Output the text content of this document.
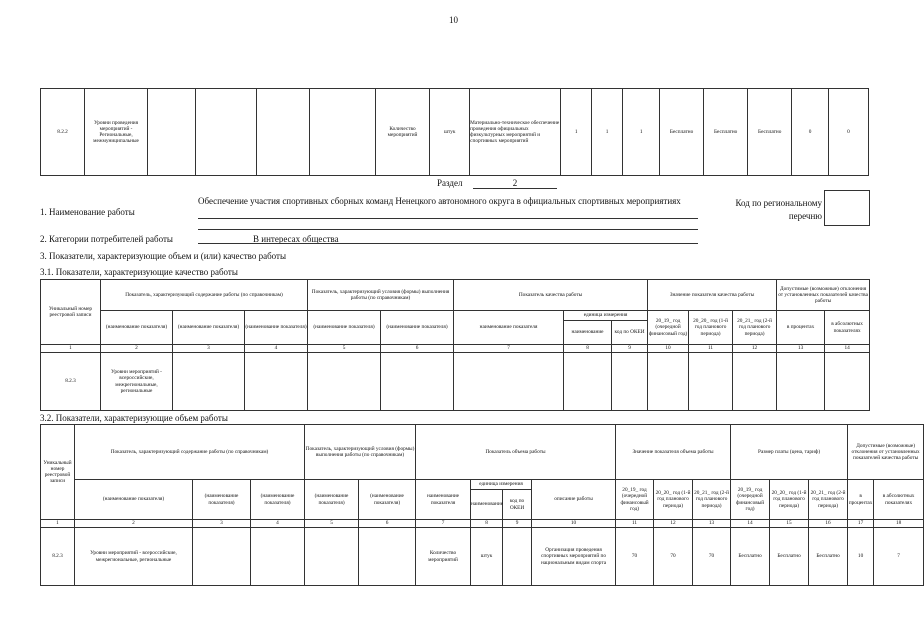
10
8.2.2	Уровни проведения мероприятий - Региональные, межмуниципальные					Количество мероприятий	штук	Материально-техническое обеспечение проведения официальных физкультурных мероприятий и спортивных мероприятий	1	1	1	Бесплатно	Бесплатно	Бесплатно	0	0
Раздел	2
1. Наименование работы
Обеспечение участия спортивных сборных команд Ненецкого автономного округа в официальных спортивных мероприятиях	Код по региональному перечню
2. Категории потребителей работы	В интересах общества
3. Показатели, характеризующие объем и (или) качество работы
3.1. Показатели, характеризующие качество работы
Уникальный номер реестровой записи	Показатель, характеризующий содержание работы (по справочникам)			Показатель, характеризующий условия (формы) выполнения работы (по справочникам)		Показатель качества работы			Значение показателя качества работы			Допустимые (возможные) отклонения от установленных показателей качества работы	
	(наименование показателя)	(наименование показателя)	(наименование показателя)	(наименование показателя)	(наименование показателя)	наименование показателя	единица измерения		20_19_ год (очередной финансовый год)	20_20_ год (1-й год планового периода)	20_21_ год (2-й год планового периода)	в процентах	в абсолютных показателях
							наименование	код по ОКЕИ					
1	2	3	4	5	6	7	8	9	10	11	12	13	14
8.2.3	Уровни мероприятий - всероссийские, межрегиональные, региональные												
3.2. Показатели, характеризующие объем работы
Уникальный номер реестровой записи	Показатель, характеризующий содержание работы (по справочникам)			Показатель, характеризующий условия (формы) выполнения работы (по справочникам)		Показатель объема работы				Значение показателя объема работы			Размер платы (цена, тариф)			Допустимые (возможные) отклонения от установленных показателей качества работы	
	(наименование показателя)	(наименование показателя)	(наименование показателя)	(наименование показателя)	(наименование показателя)	наименование показателя	единица измерения		описание работы	20_19_ год (очередной финансовый год)	20_20_ год (1-й год планового периода)	20_21_ год (2-й год планового периода)	20_19_ год (очередной финансовый год)	20_20_ год (1-й год планового периода)	20_21_ год (2-й год планового периода)	в процентах	в абсолютных показателях
							наименование	код по ОКЕИ									
1	2	3	4	5	6	7	8	9	10	11	12	13	14	15	16	17	18
8.2.3	Уровни мероприятий - всероссийские, межрегиональные, региональные					Количество мероприятий	штук		Организация проведения спортивных мероприятий по национальным видам спорта	70	70	70	Бесплатно	Бесплатно	Бесплатно	10	7
